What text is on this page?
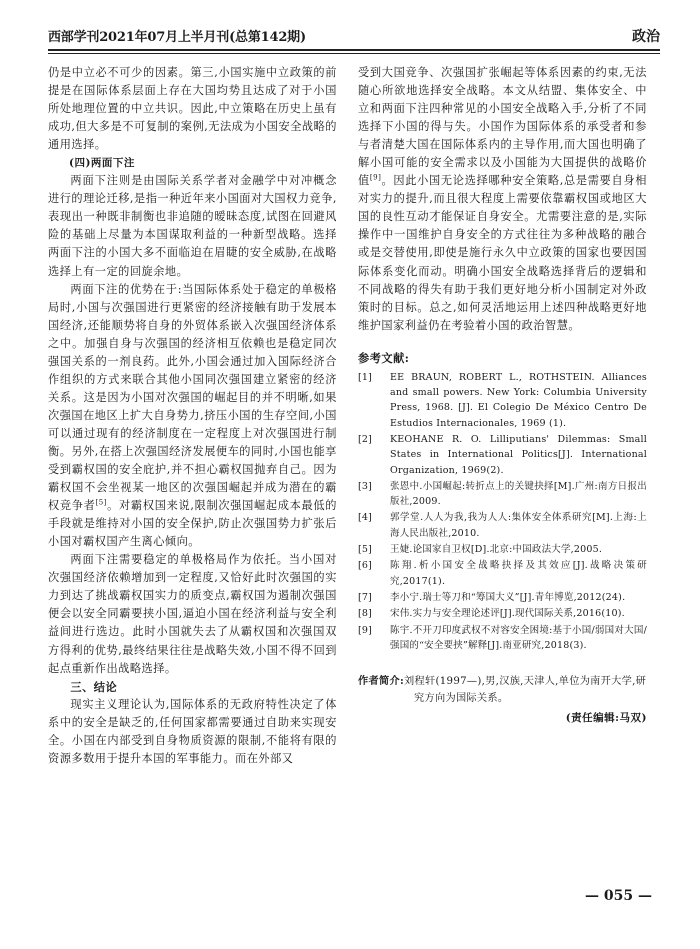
西部学刊2021年07月上半月刊(总第142期)	政治

仍是中立必不可少的因素。第三,小国实施中立政策的前提是在国际体系层面上存在大国均势且达成了对于小国所处地理位置的中立共识。因此,中立策略在历史上虽有成功,但大多是不可复制的案例,无法成为小国安全战略的通用选择。

(四)两面下注

两面下注则是由国际关系学者对金融学中对冲概念进行的理论迁移,是指一种近年来小国面对大国权力竞争,表现出一种既非制衡也非追随的暧昧态度,试图在回避风险的基础上尽量为本国谋取利益的一种新型战略。选择两面下注的小国大多不面临迫在眉睫的安全威胁,在战略选择上有一定的回旋余地。

两面下注的优势在于:当国际体系处于稳定的单极格局时,小国与次强国进行更紧密的经济接触有助于发展本国经济,还能顺势将自身的外贸体系嵌入次强国经济体系之中。加强自身与次强国的经济相互依赖也是稳定同次强国关系的一剂良药。此外,小国会通过加入国际经济合作组织的方式来联合其他小国同次强国建立紧密的经济关系。这是因为小国对次强国的崛起目的并不明晰,如果次强国在地区上扩大自身势力,挤压小国的生存空间,小国可以通过现有的经济制度在一定程度上对次强国进行制衡。另外,在搭上次强国经济发展便车的同时,小国也能享受到霸权国的安全庇护,并不担心霸权国抛弃自己。因为霸权国不会坐视某一地区的次强国崛起并成为潜在的霸权竞争者[5]。对霸权国来说,限制次强国崛起成本最低的手段就是维持对小国的安全保护,防止次强国势力扩张后小国对霸权国产生离心倾向。

两面下注需要稳定的单极格局作为依托。当小国对次强国经济依赖增加到一定程度,又恰好此时次强国的实力到达了挑战霸权国实力的质变点,霸权国为遏制次强国便会以安全同霸要挟小国,逼迫小国在经济利益与安全利益间进行选边。此时小国就失去了从霸权国和次强国双方得利的优势,最终结果往往是战略失效,小国不得不回到起点重新作出战略选择。

三、结论

现实主义理论认为,国际体系的无政府特性决定了体系中的安全是缺乏的,任何国家都需要通过自助来实现安全。小国在内部受到自身物质资源的限制,不能将有限的资源多数用于提升本国的军事能力。而在外部又

受到大国竞争、次强国扩张崛起等体系因素的约束,无法随心所欲地选择安全战略。本文从结盟、集体安全、中立和两面下注四种常见的小国安全战略入手,分析了不同选择下小国的得与失。小国作为国际体系的承受者和参与者清楚大国在国际体系内的主导作用,而大国也明确了解小国可能的安全需求以及小国能为大国提供的战略价值[9]。因此小国无论选择哪种安全策略,总是需要自身相对实力的提升,而且很大程度上需要依靠霸权国或地区大国的良性互动才能保证自身安全。尤需要注意的是,实际操作中一国维护自身安全的方式往往为多种战略的融合或是交替使用,即使是施行永久中立政策的国家也要因国际体系变化而动。明确小国安全战略选择背后的逻辑和不同战略的得失有助于我们更好地分析小国制定对外政策时的目标。总之,如何灵活地运用上述四种战略更好地维护国家利益仍在考验着小国的政治智慧。

参考文献:
[1] EE BRAUN, ROBERT L., ROTHSTEIN. Alliances and small powers. New York: Columbia University Press, 1968. [J]. El Colegio De México Centro De Estudios Internacionales, 1969 (1).
[2] KEOHANE R. O. Lilliputians' Dilemmas: Small States in International Politics[J]. International Organization, 1969(2).
[3] 张恩中.小国崛起:转折点上的关键抉择[M].广州:南方日报出版社,2009.
[4] 郭学堂.人人为我,我为人人:集体安全体系研究[M].上海:上海人民出版社,2010.
[5] 王婕.论国家自卫权[D].北京:中国政法大学,2005.
[6] 陈翔.析小国安全战略抉择及其效应[J].战略决策研究,2017(1).
[7] 李小宁.瑞士等刀和“筹国大义”[J].青年博览,2012(24).
[8] 宋伟.实力与安全理论述评[J].现代国际关系,2016(10).
[9] 陈宇.不开刀印度武权不对容安全困境:基于小国/弱国对大国/强国的“安全要挟”解释[J].南亚研究,2018(3).
作者简介:刘程轩(1997—),男,汉族,天津人,单位为南开大学,研究方向为国际关系。
(责任编辑:马双)
— 055 —
